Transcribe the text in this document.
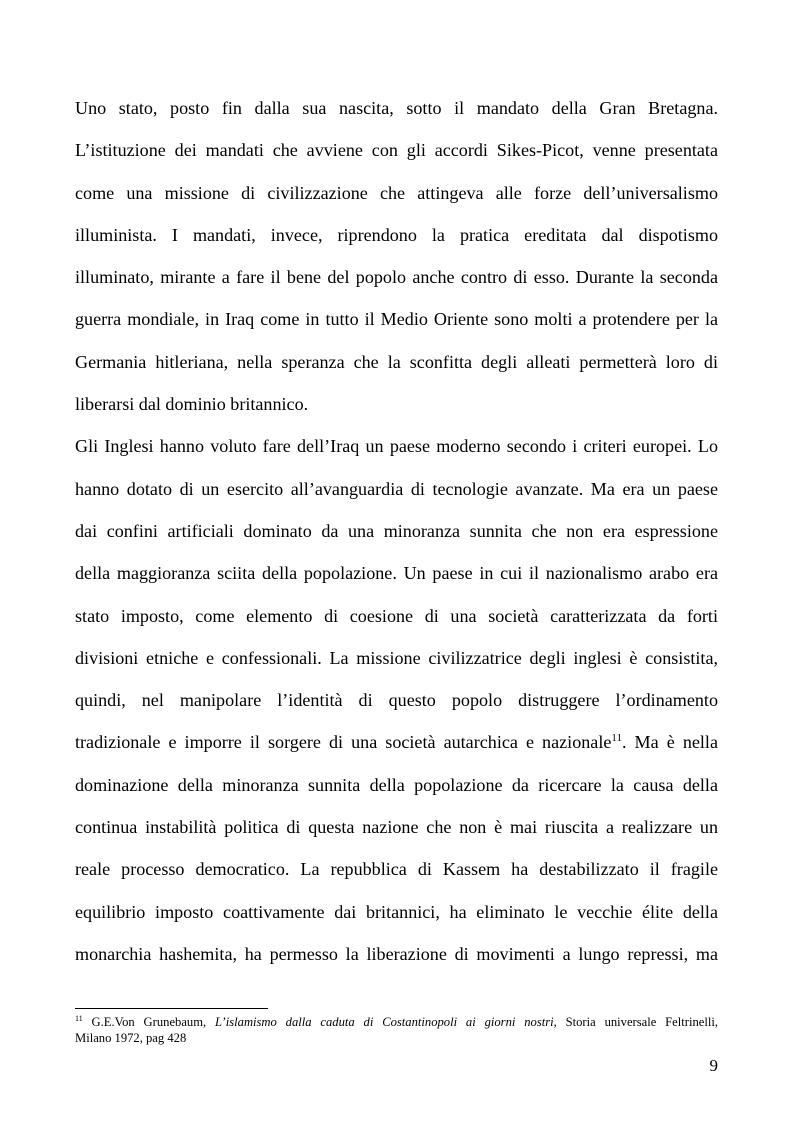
Uno stato, posto fin dalla sua nascita, sotto il mandato della Gran Bretagna.
L’istituzione dei mandati che avviene con gli accordi Sikes-Picot, venne presentata
come una missione di civilizzazione che attingeva alle forze dell’universalismo
illuminista. I mandati, invece, riprendono la pratica ereditata dal dispotismo
illuminato, mirante a fare il bene del popolo anche contro di esso. Durante la seconda
guerra mondiale, in Iraq come in tutto il Medio Oriente sono molti a protendere per la
Germania hitleriana, nella speranza che la sconfitta degli alleati permetterà loro di
liberarsi dal dominio britannico.

Gli Inglesi hanno voluto fare dell’Iraq un paese moderno secondo i criteri europei. Lo
hanno dotato di un esercito all’avanguardia di tecnologie avanzate. Ma era un paese
dai confini artificiali dominato da una minoranza sunnita che non era espressione
della maggioranza sciita della popolazione. Un paese in cui il nazionalismo arabo era
stato imposto, come elemento di coesione di una società caratterizzata da forti
divisioni etniche e confessionali. La missione civilizzatrice degli inglesi è consistita,
quindi, nel manipolare l’identità di questo popolo distruggere l’ordinamento
tradizionale e imporre il sorgere di una società autarchica e nazionale$^{11}$. Ma è nella
dominazione della minoranza sunnita della popolazione da ricercare la causa della
continua instabilità politica di questa nazione che non è mai riuscita a realizzare un
reale processo democratico. La repubblica di Kassem ha destabilizzato il fragile
equilibrio imposto coattivamente dai britannici, ha eliminato le vecchie élite della
monarchia hashemita, ha permesso la liberazione di movimenti a lungo repressi, ma

$^{11}$ G.E.Von Grunebaum, L’islamismo dalla caduta di Costantinopoli ai giorni nostri, Storia universale Feltrinelli,
Milano 1972, pag 428
9
